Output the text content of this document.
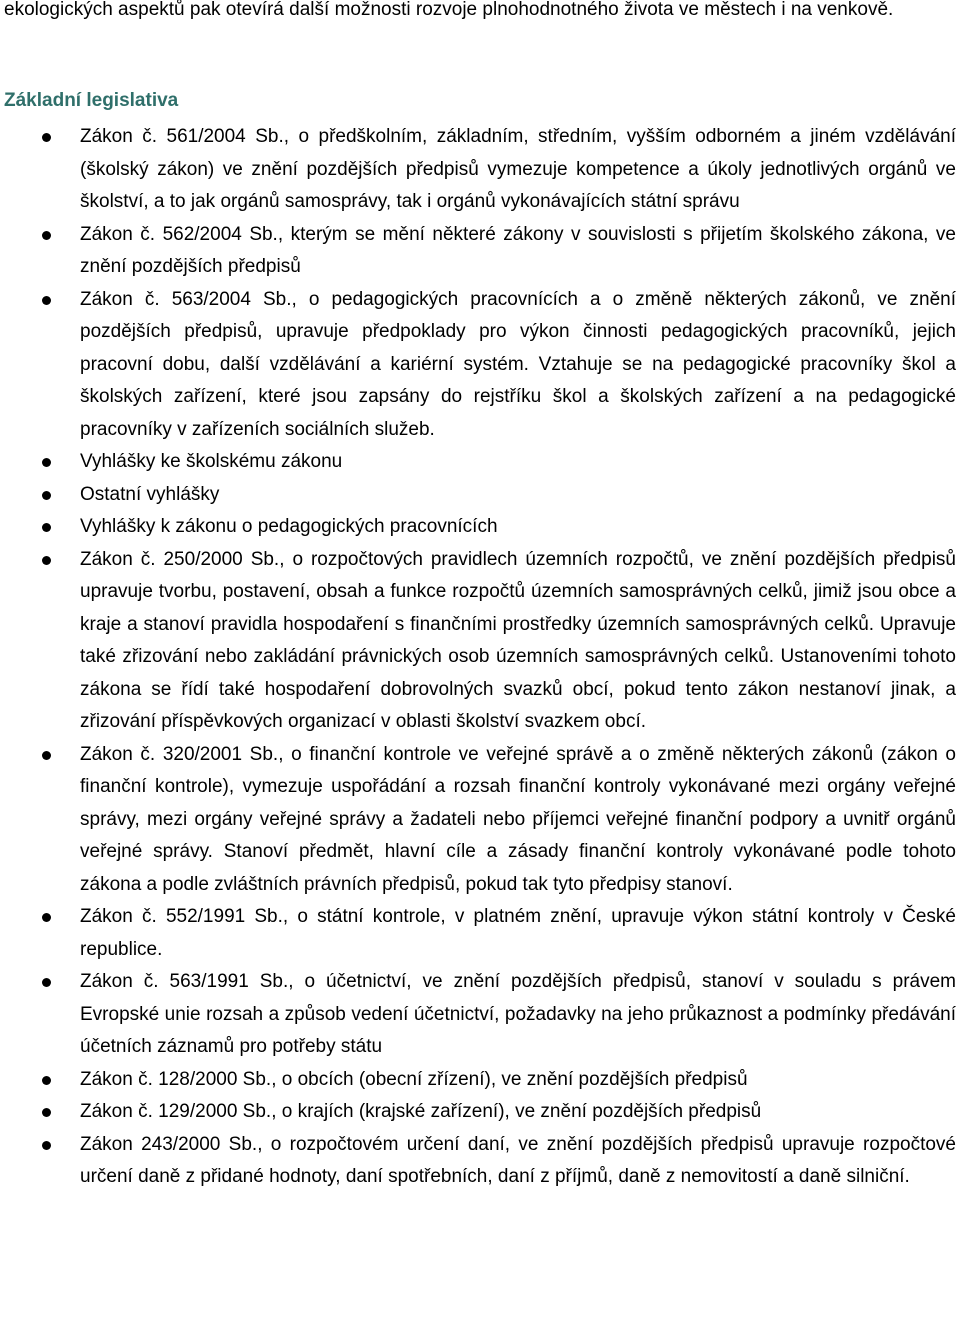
ekologických aspektů pak otevírá další možnosti rozvoje plnohodnotného života ve městech i na venkově.

Základní legislativa
Zákon č. 561/2004 Sb., o předškolním, základním, středním, vyšším odborném a jiném vzdělávání (školský zákon) ve znění pozdějších předpisů vymezuje kompetence a úkoly jednotlivých orgánů ve školství, a to jak orgánů samosprávy, tak i orgánů vykonávajících státní správu
Zákon č. 562/2004 Sb., kterým se mění některé zákony v souvislosti s přijetím školského zákona, ve znění pozdějších předpisů
Zákon č. 563/2004 Sb., o pedagogických pracovnících a o změně některých zákonů, ve znění pozdějších předpisů, upravuje předpoklady pro výkon činnosti pedagogických pracovníků, jejich pracovní dobu, další vzdělávání a kariérní systém. Vztahuje se na pedagogické pracovníky škol a školských zařízení, které jsou zapsány do rejstříku škol a školských zařízení a na pedagogické pracovníky v zařízeních sociálních služeb.
Vyhlášky ke školskému zákonu
Ostatní vyhlášky
Vyhlášky k zákonu o pedagogických pracovnících
Zákon č. 250/2000 Sb., o rozpočtových pravidlech územních rozpočtů, ve znění pozdějších předpisů upravuje tvorbu, postavení, obsah a funkce rozpočtů územních samosprávných celků, jimiž jsou obce a kraje a stanoví pravidla hospodaření s finančními prostředky územních samosprávných celků. Upravuje také zřizování nebo zakládání právnických osob územních samosprávných celků. Ustanoveními tohoto zákona se řídí také hospodaření dobrovolných svazků obcí, pokud tento zákon nestanoví jinak, a zřizování příspěvkových organizací v oblasti školství svazkem obcí.
Zákon č. 320/2001 Sb., o finanční kontrole ve veřejné správě a o změně některých zákonů (zákon o finanční kontrole), vymezuje uspořádání a rozsah finanční kontroly vykonávané mezi orgány veřejné správy, mezi orgány veřejné správy a žadateli nebo příjemci veřejné finanční podpory a uvnitř orgánů veřejné správy. Stanoví předmět, hlavní cíle a zásady finanční kontroly vykonávané podle tohoto zákona a podle zvláštních právních předpisů, pokud tak tyto předpisy stanoví.
Zákon č. 552/1991 Sb., o státní kontrole, v platném znění, upravuje výkon státní kontroly v České republice.
Zákon č. 563/1991 Sb., o účetnictví, ve znění pozdějších předpisů, stanoví v souladu s právem Evropské unie rozsah a způsob vedení účetnictví, požadavky na jeho průkaznost a podmínky předávání účetních záznamů pro potřeby státu
Zákon č. 128/2000 Sb., o obcích (obecní zřízení), ve znění pozdějších předpisů
Zákon č. 129/2000 Sb., o krajích (krajské zařízení), ve znění pozdějších předpisů
Zákon 243/2000 Sb., o rozpočtovém určení daní, ve znění pozdějších předpisů upravuje rozpočtové určení daně z přidané hodnoty, daní spotřebních, daní z příjmů, daně z nemovitostí a daně silniční.
